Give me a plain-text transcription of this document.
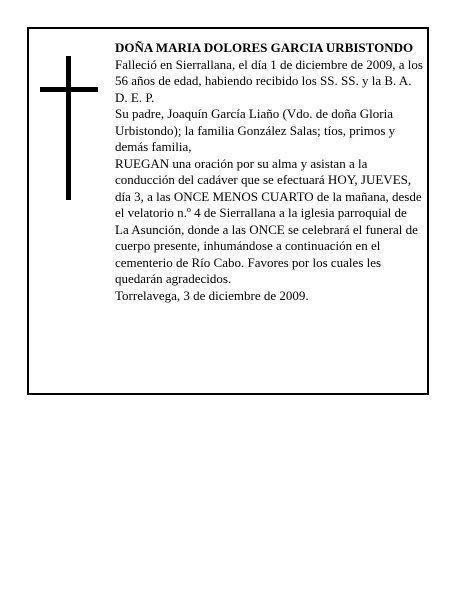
DOÑA MARIA DOLORES GARCIA URBISTONDO

Falleció en Sierrallana, el día 1 de diciembre de 2009, a los 56 años de edad, habiendo recibido los SS. SS. y la B. A.

D. E. P.

Su padre, Joaquín García Liaño (Vdo. de doña Gloria Urbistondo); la familia González Salas; tíos, primos y demás familia,

RUEGAN una oración por su alma y asistan a la conducción del cadáver que se efectuará HOY, JUEVES, día 3, a las ONCE MENOS CUARTO de la mañana, desde el velatorio n.º 4 de Sierrallana a la iglesia parroquial de La Asunción, donde a las ONCE se celebrará el funeral de cuerpo presente, inhumándose a continuación en el cementerio de Río Cabo. Favores por los cuales les quedarán agradecidos.

Torrelavega, 3 de diciembre de 2009.
